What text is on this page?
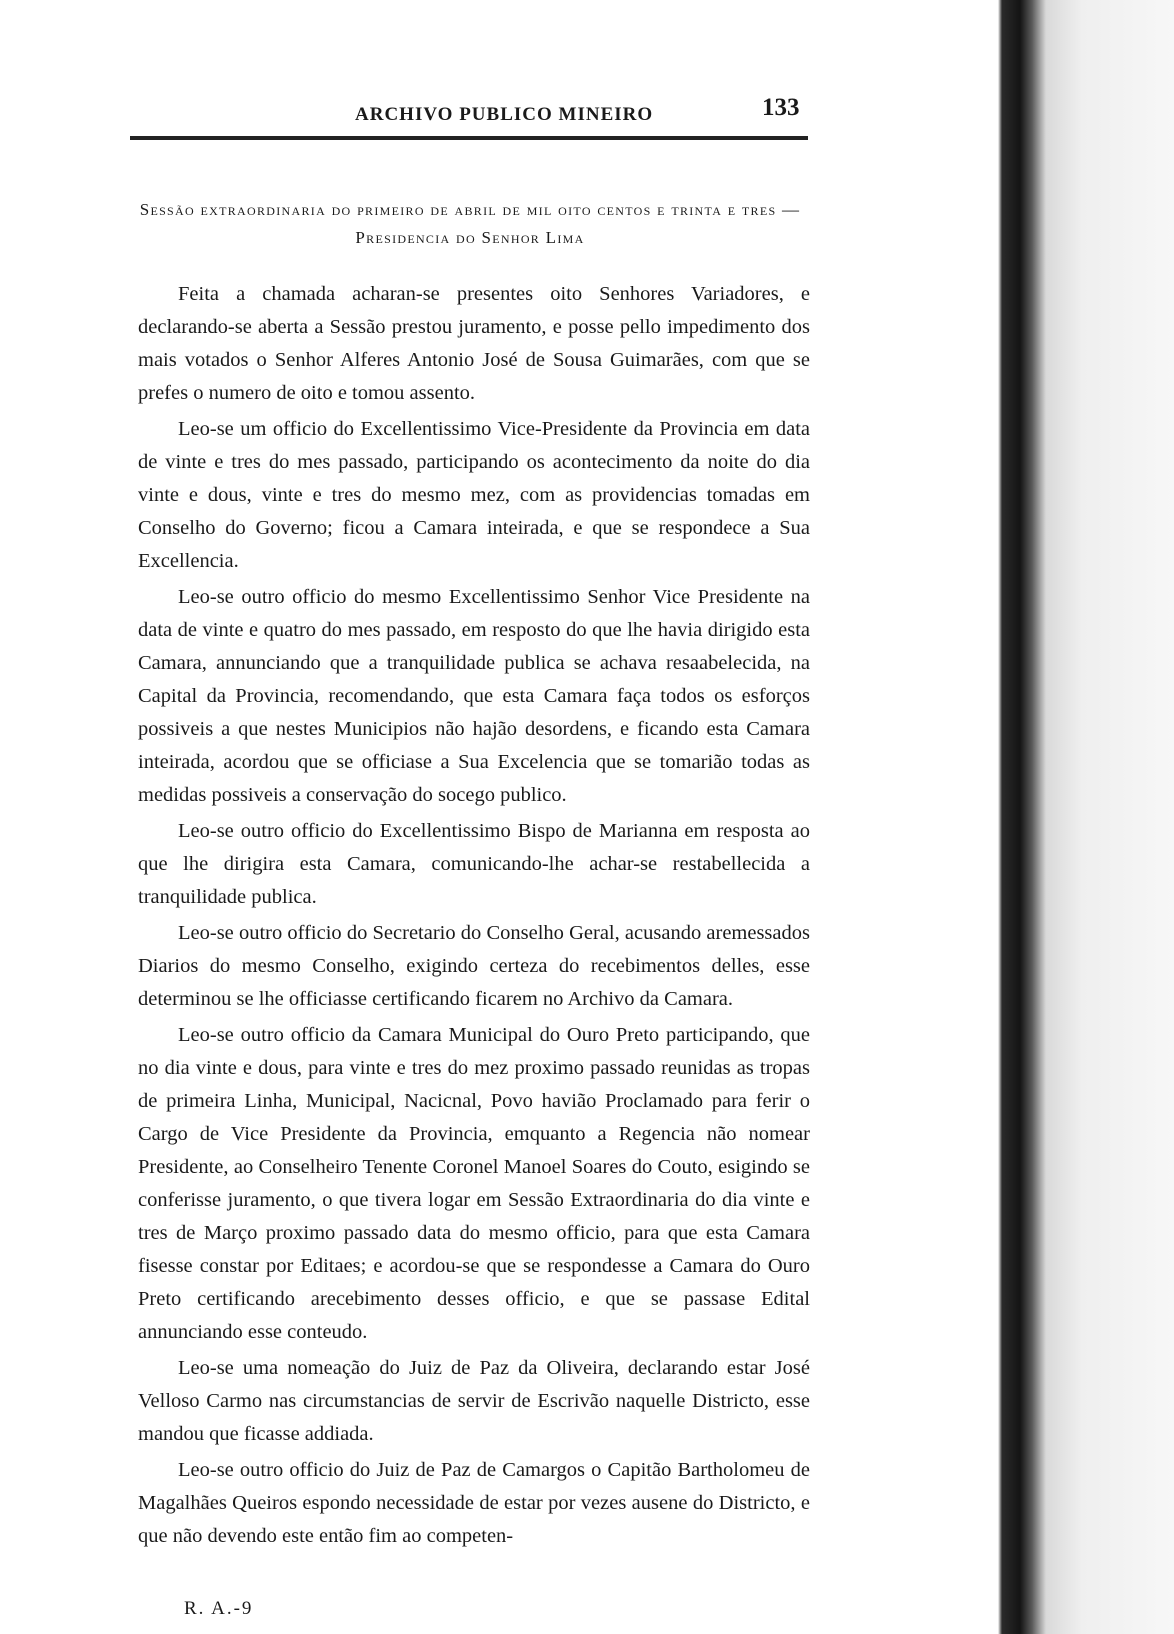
ARCHIVO PUBLICO MINEIRO	133
Sessão extraordinaria do primeiro de abril de mil oito centos e trinta e tres — Presidencia do Senhor Lima

Feita a chamada acharan-se presentes oito Senhores Variadores, e declarando-se aberta a Sessão prestou juramento, e posse pello impedimento dos mais votados o Senhor Alferes Antonio José de Sousa Guimarães, com que se prefes o numero de oito e tomou assento.

Leo-se um officio do Excellentissimo Vice-Presidente da Provincia em data de vinte e tres do mes passado, participando os acontecimento da noite do dia vinte e dous, vinte e tres do mesmo mez, com as providencias tomadas em Conselho do Governo; ficou a Camara inteirada, e que se respondece a Sua Excellencia.

Leo-se outro officio do mesmo Excellentissimo Senhor Vice Presidente na data de vinte e quatro do mes passado, em resposto do que lhe havia dirigido esta Camara, annunciando que a tranquilidade publica se achava resaabelecida, na Capital da Provincia, recomendando, que esta Camara faça todos os esforços possiveis a que nestes Municipios não hajão desordens, e ficando esta Camara inteirada, acordou que se officiase a Sua Excelencia que se tomarião todas as medidas possiveis a conservação do socego publico.

Leo-se outro officio do Excellentissimo Bispo de Marianna em resposta ao que lhe dirigira esta Camara, comunicando-lhe achar-se restabellecida a tranquilidade publica.

Leo-se outro officio do Secretario do Conselho Geral, acusando aremessados Diarios do mesmo Conselho, exigindo certeza do recebimentos delles, esse determinou se lhe officiasse certificando ficarem no Archivo da Camara.

Leo-se outro officio da Camara Municipal do Ouro Preto participando, que no dia vinte e dous, para vinte e tres do mez proximo passado reunidas as tropas de primeira Linha, Municipal, Nacicnal, Povo havião Proclamado para ferir o Cargo de Vice Presidente da Provincia, emquanto a Regencia não nomear Presidente, ao Conselheiro Tenente Coronel Manoel Soares do Couto, esigindo se conferisse juramento, o que tivera logar em Sessão Extraordinaria do dia vinte e tres de Março proximo passado data do mesmo officio, para que esta Camara fisesse constar por Editaes; e acordou-se que se respondesse a Camara do Ouro Preto certificando arecebimento desses officio, e que se passase Edital annunciando esse conteudo.

Leo-se uma nomeação do Juiz de Paz da Oliveira, declarando estar José Velloso Carmo nas circumstancias de servir de Escrivão naquelle Districto, esse mandou que ficasse addiada.

Leo-se outro officio do Juiz de Paz de Camargos o Capitão Bartholomeu de Magalhães Queiros espondo necessidade de estar por vezes ausene do Districto, e que não devendo este então fim ao competen-

R. A.-9
